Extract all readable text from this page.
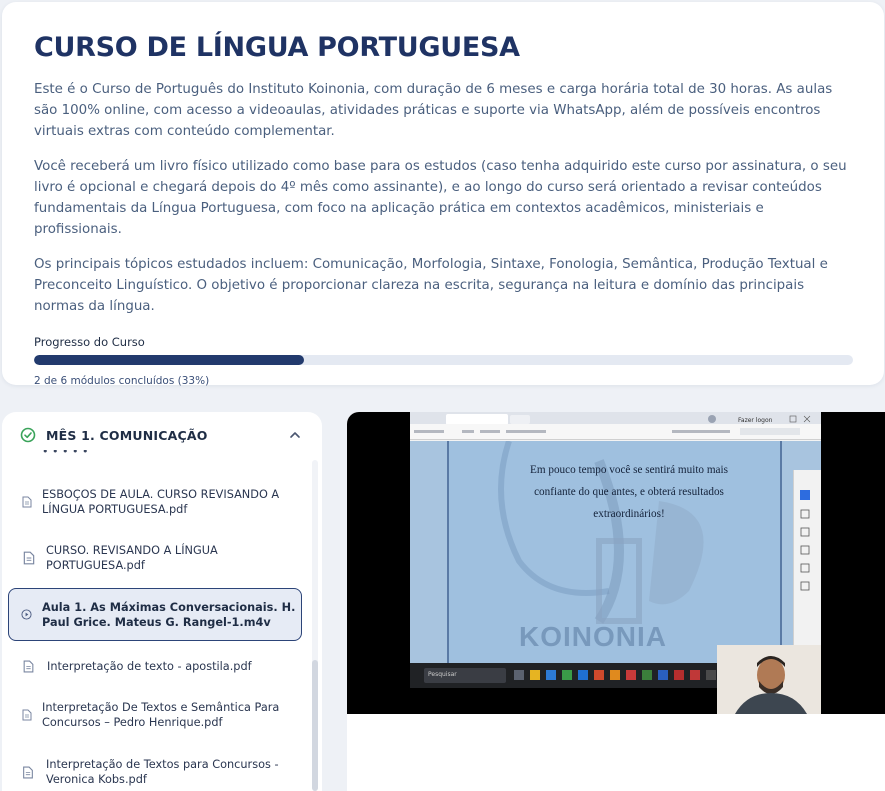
CURSO DE LÍNGUA PORTUGUESA

Este é o Curso de Português do Instituto Koinonia, com duração de 6 meses e carga horária total de 30 horas. As aulas são 100% online, com acesso a videoaulas, atividades práticas e suporte via WhatsApp, além de possíveis encontros virtuais extras com conteúdo complementar.

Você receberá um livro físico utilizado como base para os estudos (caso tenha adquirido este curso por assinatura, o seu livro é opcional e chegará depois do 4º mês como assinante), e ao longo do curso será orientado a revisar conteúdos fundamentais da Língua Portuguesa, com foco na aplicação prática em contextos acadêmicos, ministeriais e profissionais.

Os principais tópicos estudados incluem: Comunicação, Morfologia, Sintaxe, Fonologia, Semântica, Produção Textual e Preconceito Linguístico. O objetivo é proporcionar clareza na escrita, segurança na leitura e domínio das principais normas da língua.

Progresso do Curso
2 de 6 módulos concluídos (33%)
MÊS 1. COMUNICAÇÃO
• • • • •
ESBOÇOS DE AULA. CURSO REVISANDO A LÍNGUA PORTUGUESA.pdf
CURSO. REVISANDO A LÍNGUA PORTUGUESA.pdf
Aula 1. As Máximas Conversacionais. H. Paul Grice. Mateus G. Rangel-1.m4v
Interpretação de texto - apostila.pdf
Interpretação De Textos e Semântica Para Concursos – Pedro Henrique.pdf
Interpretação de Textos para Concursos - Veronica Kobs.pdf
Fazer logon
Em pouco tempo você se sentirá muito mais
confiante do que antes, e obterá resultados
extraordinários!
KOINONIA
Pesquisar
